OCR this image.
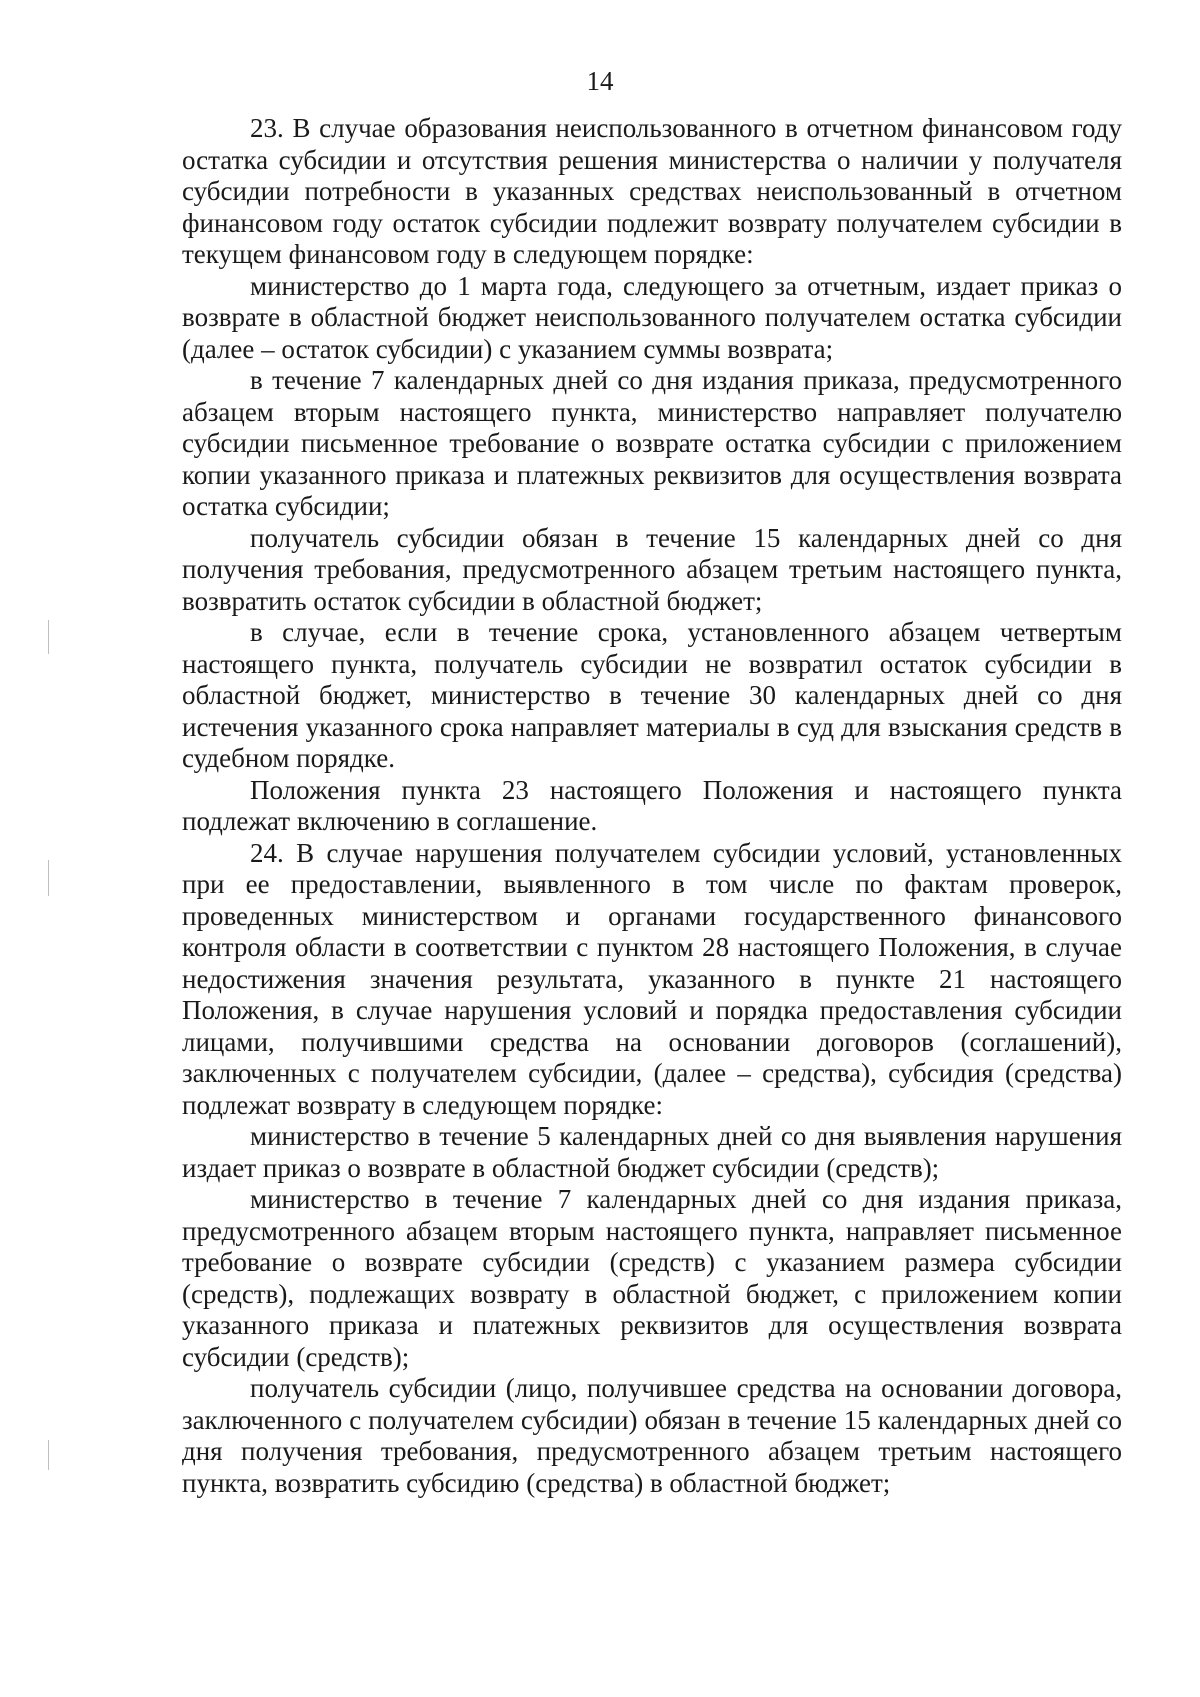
14

23. В случае образования неиспользованного в отчетном финансовом году остатка субсидии и отсутствия решения министерства о наличии у получателя субсидии потребности в указанных средствах неиспользованный в отчетном финансовом году остаток субсидии подлежит возврату получателем субсидии в текущем финансовом году в следующем порядке:

министерство до 1 марта года, следующего за отчетным, издает приказ о возврате в областной бюджет неиспользованного получателем остатка субсидии (далее – остаток субсидии) с указанием суммы возврата;

в течение 7 календарных дней со дня издания приказа, предусмотренного абзацем вторым настоящего пункта, министерство направляет получателю субсидии письменное требование о возврате остатка субсидии с приложением копии указанного приказа и платежных реквизитов для осуществления возврата остатка субсидии;

получатель субсидии обязан в течение 15 календарных дней со дня получения требования, предусмотренного абзацем третьим настоящего пункта, возвратить остаток субсидии в областной бюджет;

в случае, если в течение срока, установленного абзацем четвертым настоящего пункта, получатель субсидии не возвратил остаток субсидии в областной бюджет, министерство в течение 30 календарных дней со дня истечения указанного срока направляет материалы в суд для взыскания средств в судебном порядке.

Положения пункта 23 настоящего Положения и настоящего пункта подлежат включению в соглашение.

24. В случае нарушения получателем субсидии условий, установленных при ее предоставлении, выявленного в том числе по фактам проверок, проведенных министерством и органами государственного финансового контроля области в соответствии с пунктом 28 настоящего Положения, в случае недостижения значения результата, указанного в пункте 21 настоящего Положения, в случае нарушения условий и порядка предоставления субсидии лицами, получившими средства на основании договоров (соглашений), заключенных с получателем субсидии, (далее – средства), субсидия (средства) подлежат возврату в следующем порядке:

министерство в течение 5 календарных дней со дня выявления нарушения издает приказ о возврате в областной бюджет субсидии (средств);

министерство в течение 7 календарных дней со дня издания приказа, предусмотренного абзацем вторым настоящего пункта, направляет письменное требование о возврате субсидии (средств) с указанием размера субсидии (средств), подлежащих возврату в областной бюджет, с приложением копии указанного приказа и платежных реквизитов для осуществления возврата субсидии (средств);

получатель субсидии (лицо, получившее средства на основании договора, заключенного с получателем субсидии) обязан в течение 15 календарных дней со дня получения требования, предусмотренного абзацем третьим настоящего пункта, возвратить субсидию (средства) в областной бюджет;
